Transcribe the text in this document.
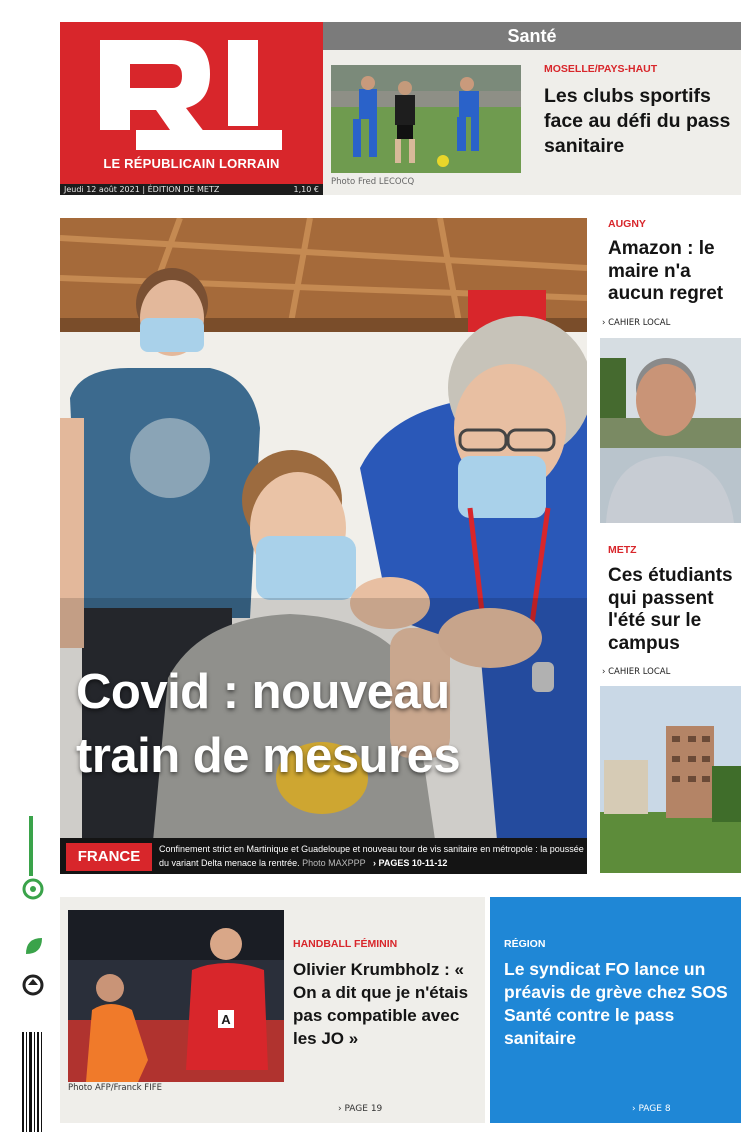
LE RÉPUBLICAIN LORRAIN
Jeudi 12 août 2021 | ÉDITION DE METZ	1,10 €
Santé
MOSELLE/PAYS-HAUT
Les clubs sportifs face au défi du pass sanitaire
Photo Fred LECOCQ
Covid : nouveau
train de mesures
FRANCE	Confinement strict en Martinique et Guadeloupe et nouveau tour de vis sanitaire en métropole : la poussée du variant Delta menace la rentrée. Photo MAXPPP › PAGES 10-11-12
AUGNY
Amazon : le maire n'a aucun regret
› CAHIER LOCAL
METZ
Ces étudiants qui passent l'été sur le campus
› CAHIER LOCAL
A
Photo AFP/Franck FIFE
HANDBALL FÉMININ
Olivier Krumbholz : « On a dit que je n'étais pas compatible avec les JO »
› PAGE 19
RÉGION
Le syndicat FO lance un préavis de grève chez SOS Santé contre le pass sanitaire
› PAGE 8
